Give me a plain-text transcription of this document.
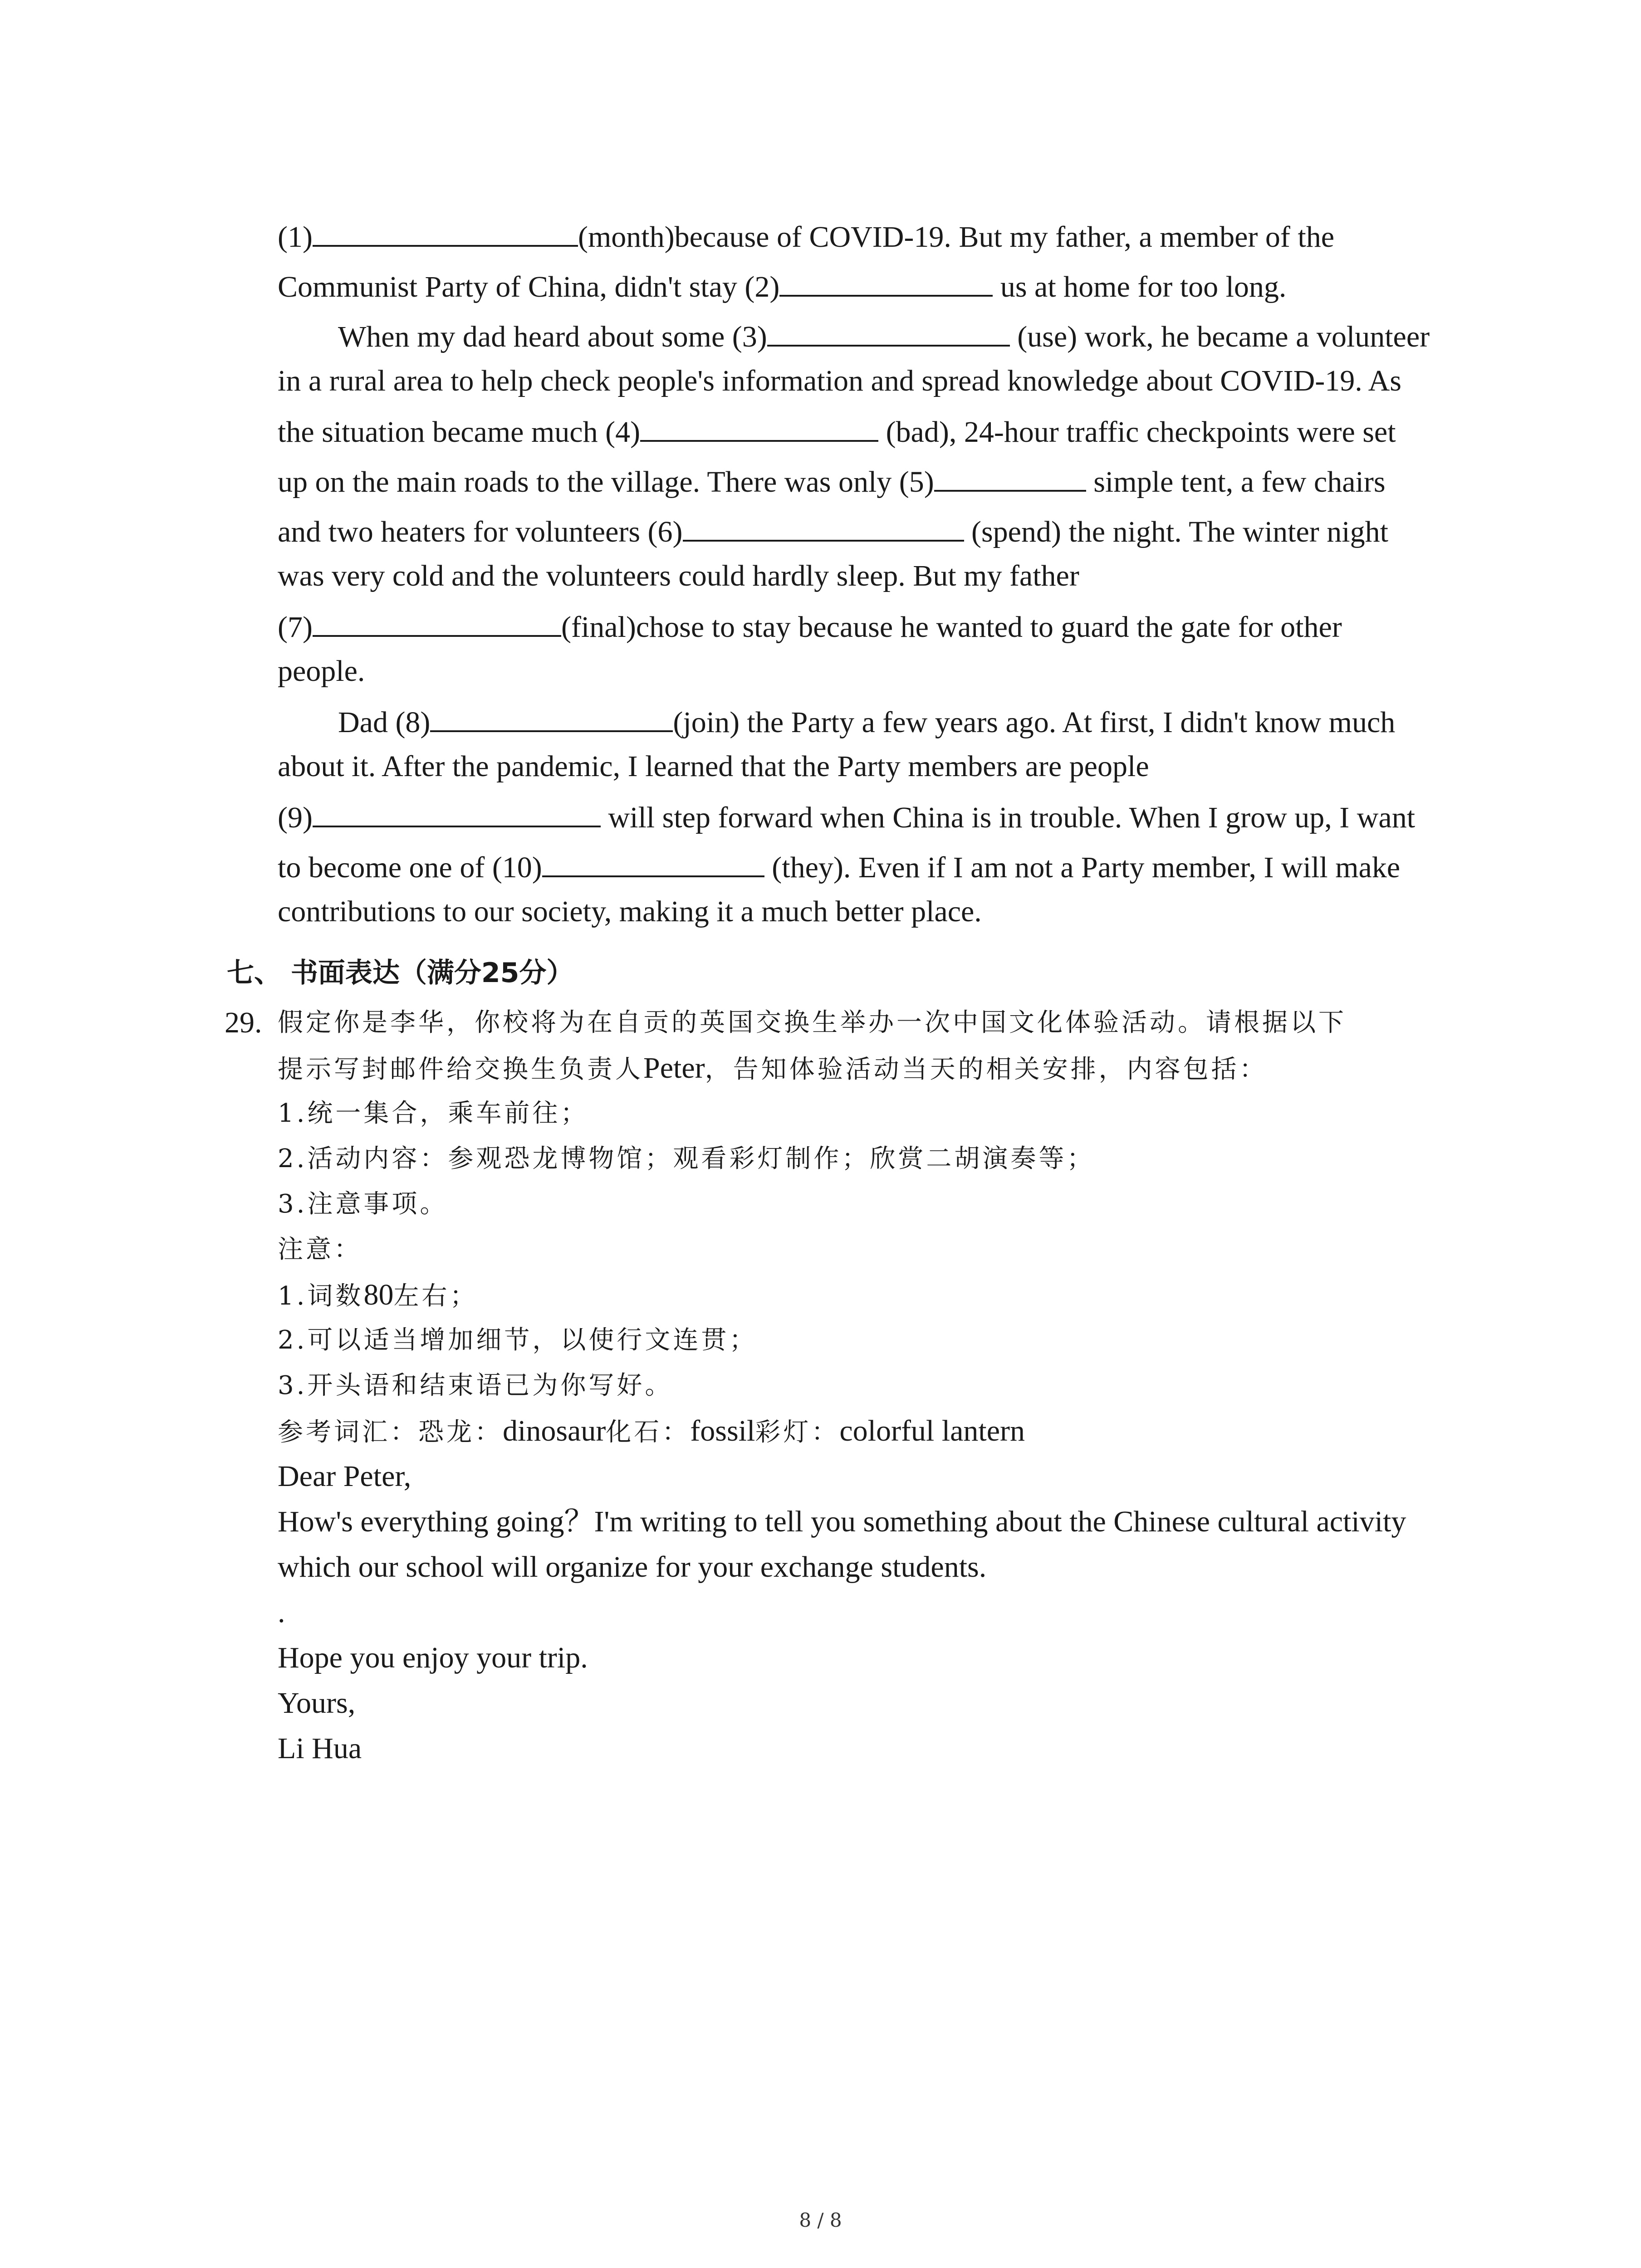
(1)	(month)because of COVID-19. But my father, a member of the
Communist Party of China, didn't stay (2)	us at home for too long.
When my dad heard about some (3)	(use) work, he became a volunteer
in a rural area to help check people's information and spread knowledge about COVID-19. As
the situation became much (4)	(bad), 24-hour traffic checkpoints were set
up on the main roads to the village. There was only (5)	simple tent, a few chairs
and two heaters for volunteers (6)	(spend) the night. The winter night
was very cold and the volunteers could hardly sleep. But my father
(7)	(final)chose to stay because he wanted to guard the gate for other
people.
Dad (8)	(join) the Party a few years ago. At first, I didn't know much
about it. After the pandemic, I learned that the Party members are people
(9)	will step forward when China is in trouble. When I grow up, I want
to become one of (10)	(they). Even if I am not a Party member, I will make
contributions to our society, making it a much better place.
七、 书面表达（满分25分）
29. 假定你是李华，你校将为在自贡的英国交换生举办一次中国文化体验活动。请根据以下
提示写封邮件给交换生负责人Peter，告知体验活动当天的相关安排，内容包括：
1.统一集合，乘车前往；
2.活动内容：参观恐龙博物馆；观看彩灯制作；欣赏二胡演奏等；
3.注意事项。
注意：
1.词数80左右；
2.可以适当增加细节，以使行文连贯；
3.开头语和结束语已为你写好。
参考词汇：恐龙：dinosaur化石：fossil彩灯：colorful lantern
Dear Peter,
How's everything going？I'm writing to tell you something about the Chinese cultural activity
which our school will organize for your exchange students.
.
Hope you enjoy your trip.
Yours,
Li Hua
8 / 8
